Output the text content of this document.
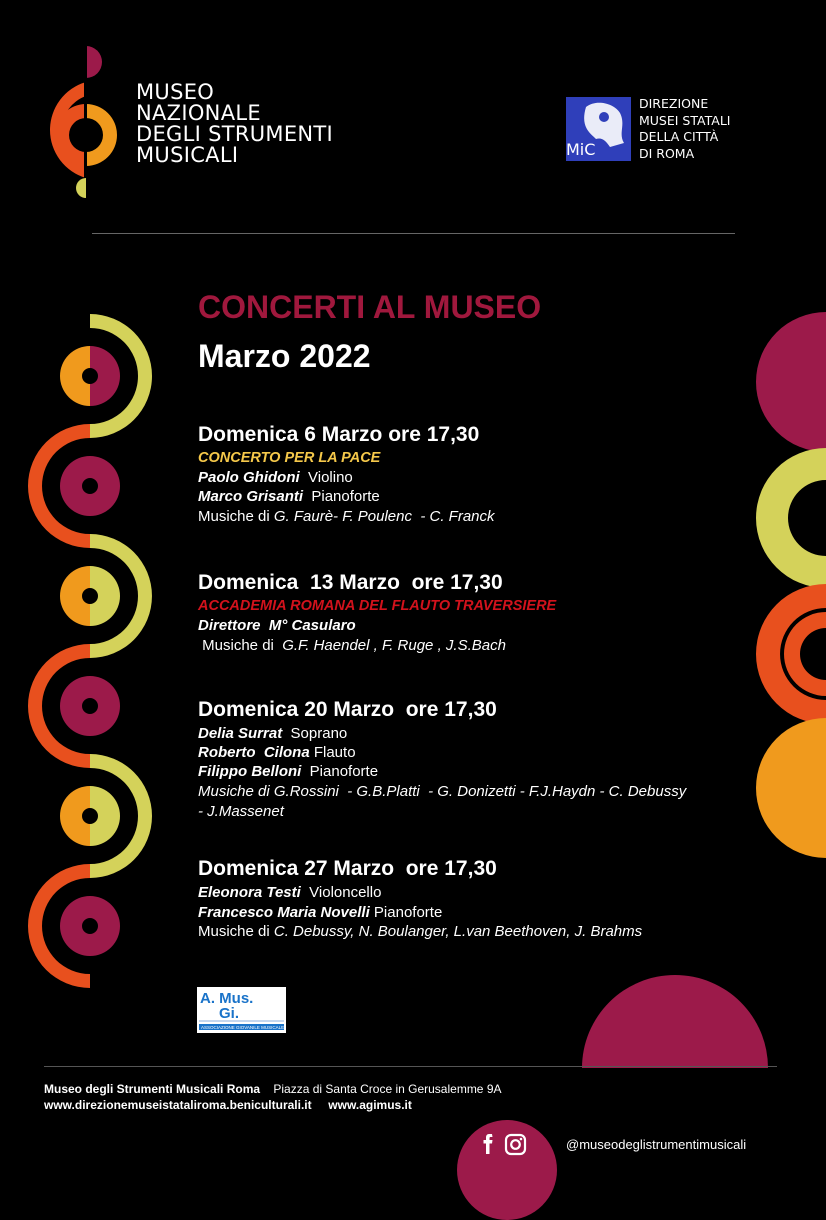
MUSEO
NAZIONALE
DEGLI STRUMENTI
MUSICALI	MiC
DIREZIONE
MUSEI STATALI
DELLA CITTÀ
DI ROMA
CONCERTI AL MUSEO
Marzo 2022
Domenica 6 Marzo ore 17,30
CONCERTO PER LA PACE
Paolo Ghidoni Violino
Marco Grisanti Pianoforte
Musiche di G. Faurè- F. Poulenc  - C. Franck
Domenica  13 Marzo  ore 17,30
ACCADEMIA ROMANA DEL FLAUTO TRAVERSIERE
Direttore  M° Casularo
Musiche di  G.F. Haendel , F. Ruge , J.S.Bach
Domenica 20 Marzo  ore 17,30
Delia Surrat Soprano
Roberto  Cilona Flauto
Filippo Belloni Pianoforte
Musiche di G.Rossini  - G.B.Platti  - G. Donizetti - F.J.Haydn - C. Debussy
- J.Massenet
Domenica 27 Marzo  ore 17,30
Eleonora Testi Violoncello
Francesco Maria Novelli Pianoforte
Musiche di C. Debussy, N. Boulanger, L.van Beethoven, J. Brahms
A. Mus.
Gi.
ASSOCIAZIONE GIOVANILE MUSICALE
Museo degli Strumenti Musicali Roma Piazza di Santa Croce in Gerusalemme 9A
www.direzionemuseistataliroma.beniculturali.it www.agimus.it
@museodeglistrumentimusicali
